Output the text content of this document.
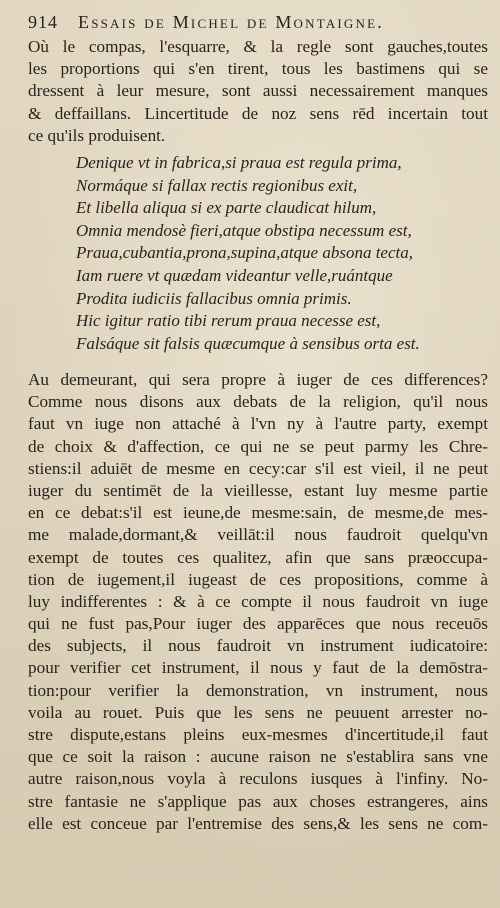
914 Essais de Michel de Montaigne.
Où le compas, l'esquarre, & la regle sont gauches,toutes
les proportions qui s'en tirent, tous les bastimens qui se
dressent à leur mesure, sont aussi necessairement manques
& deffaillans. Lincertitude de noz sens rēd incertain tout
ce qu'ils produisent.
Denique vt in fabrica,si praua est regula prima,
Normáque si fallax rectis regionibus exit,
Et libella aliqua si ex parte claudicat hilum,
Omnia mendosè fieri,atque obstipa necessum est,
Praua,cubantia,prona,supina,atque absona tecta,
Iam ruere vt quædam videantur velle,ruántque
Prodita iudiciis fallacibus omnia primis.
Hic igitur ratio tibi rerum praua necesse est,
Falsáque sit falsis quæcumque à sensibus orta est.
Au demeurant, qui sera propre à iuger de ces differences?
Comme nous disons aux debats de la religion, qu'il nous
faut vn iuge non attaché à l'vn ny à l'autre party, exempt
de choix & d'affection, ce qui ne se peut parmy les Chre-
stiens:il aduiēt de mesme en cecy:car s'il est vieil, il ne peut
iuger du sentimēt de la vieillesse, estant luy mesme partie
en ce debat:s'il est ieune,de mesme:sain, de mesme,de mes-
me malade,dormant,& veillāt:il nous faudroit quelqu'vn
exempt de toutes ces qualitez, afin que sans præoccupa-
tion de iugement,il iugeast de ces propositions, comme à
luy indifferentes : & à ce compte il nous faudroit vn iuge
qui ne fust pas,Pour iuger des apparēces que nous receuōs
des subjects, il nous faudroit vn instrument iudicatoire:
pour verifier cet instrument, il nous y faut de la demōstra-
tion:pour verifier la demonstration, vn instrument, nous
voila au rouet. Puis que les sens ne peuuent arrester no-
stre dispute,estans pleins eux-mesmes d'incertitude,il faut
que ce soit la raison : aucune raison ne s'establira sans vne
autre raison,nous voyla à reculons iusques à l'infiny. No-
stre fantasie ne s'applique pas aux choses estrangeres, ains
elle est conceue par l'entremise des sens,& les sens ne com-
